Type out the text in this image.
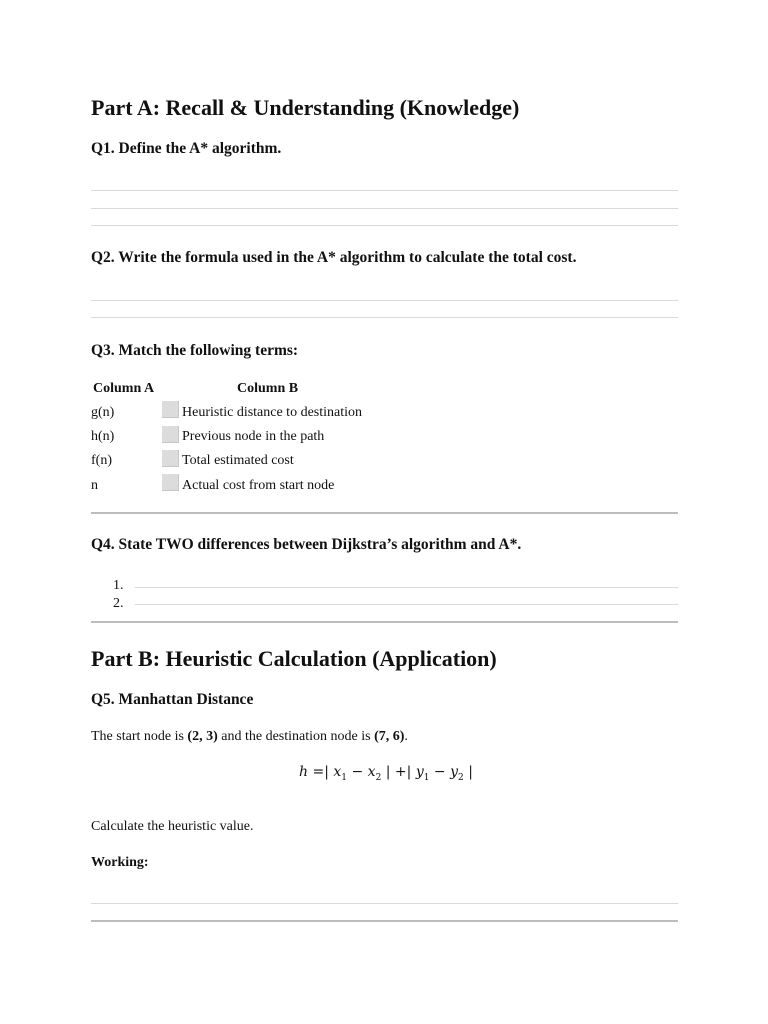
Part A: Recall & Understanding (Knowledge)
Q1. Define the A* algorithm.
Q2. Write the formula used in the A* algorithm to calculate the total cost.
Q3. Match the following terms:
Column A	Column B
g(n)	Heuristic distance to destination
h(n)	Previous node in the path
f(n)	Total estimated cost
n	Actual cost from start node
Q4. State TWO differences between Dijkstra’s algorithm and A*.
1.
2.
Part B: Heuristic Calculation (Application)
Q5. Manhattan Distance
The start node is (2, 3) and the destination node is (7, 6).
h =| $x_1 - x_2$ | +| $y_1 - y_2$ |
Calculate the heuristic value.
Working:
